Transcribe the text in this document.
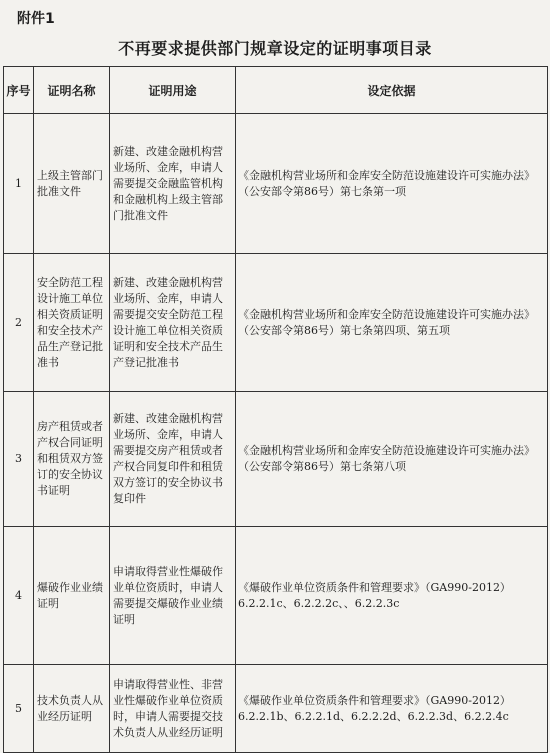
附件1
不再要求提供部门规章设定的证明事项目录
序号	证明名称	证明用途	设定依据
1	上级主管部门批准文件	新建、改建金融机构营业场所、金库，申请人需要提交金融监管机构和金融机构上级主管部门批准文件	《金融机构营业场所和金库安全防范设施建设许可实施办法》（公安部令第86号）第七条第一项

2	安全防范工程设计施工单位相关资质证明和安全技术产品生产登记批准书	新建、改建金融机构营业场所、金库，申请人需要提交安全防范工程设计施工单位相关资质证明和安全技术产品生产登记批准书	《金融机构营业场所和金库安全防范设施建设许可实施办法》（公安部令第86号）第七条第四项、第五项

3	房产租赁或者产权合同证明和租赁双方签订的安全协议书证明	新建、改建金融机构营业场所、金库，申请人需要提交房产租赁或者产权合同复印件和租赁双方签订的安全协议书复印件	《金融机构营业场所和金库安全防范设施建设许可实施办法》（公安部令第86号）第七条第八项

4	爆破作业业绩证明	申请取得营业性爆破作业单位资质时，申请人需要提交爆破作业业绩证明	《爆破作业单位资质条件和管理要求》（GA990-2012）6.2.2.1c、6.2.2.2c、、6.2.2.3c

5	技术负责人从业经历证明	申请取得营业性、非营业性爆破作业单位资质时，申请人需要提交技术负责人从业经历证明	《爆破作业单位资质条件和管理要求》（GA990-2012）6.2.2.1b、6.2.2.1d、6.2.2.2d、6.2.2.3d、6.2.2.4c
